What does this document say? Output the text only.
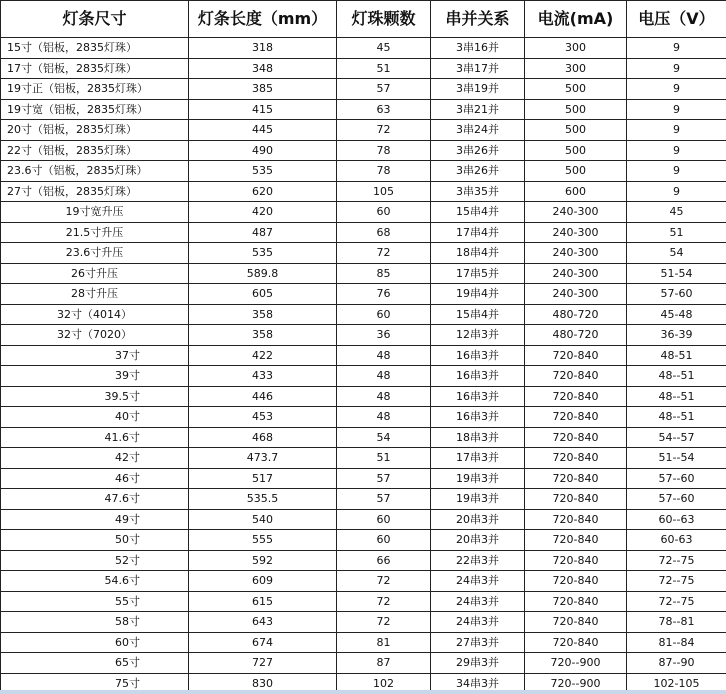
灯条尺寸	灯条长度（mm）	灯珠颗数	串并关系	电流(mA)	电压（V）
15寸（铝板，2835灯珠）	318	45	3串16并	300	9
17寸（铝板，2835灯珠）	348	51	3串17并	300	9
19寸正（铝板，2835灯珠）	385	57	3串19并	500	9
19寸宽（铝板，2835灯珠）	415	63	3串21并	500	9
20寸（铝板，2835灯珠）	445	72	3串24并	500	9
22寸（铝板，2835灯珠）	490	78	3串26并	500	9
23.6寸（铝板，2835灯珠）	535	78	3串26并	500	9
27寸（铝板，2835灯珠）	620	105	3串35并	600	9
19寸宽升压	420	60	15串4并	240-300	45
21.5寸升压	487	68	17串4并	240-300	51
23.6寸升压	535	72	18串4并	240-300	54
26寸升压	589.8	85	17串5并	240-300	51-54
28寸升压	605	76	19串4并	240-300	57-60
32寸（4014）	358	60	15串4并	480-720	45-48
32寸（7020）	358	36	12串3并	480-720	36-39
37寸	422	48	16串3并	720-840	48-51
39寸	433	48	16串3并	720-840	48--51
39.5寸	446	48	16串3并	720-840	48--51
40寸	453	48	16串3并	720-840	48--51
41.6寸	468	54	18串3并	720-840	54--57
42寸	473.7	51	17串3并	720-840	51--54
46寸	517	57	19串3并	720-840	57--60
47.6寸	535.5	57	19串3并	720-840	57--60
49寸	540	60	20串3并	720-840	60--63
50寸	555	60	20串3并	720-840	60-63
52寸	592	66	22串3并	720-840	72--75
54.6寸	609	72	24串3并	720-840	72--75
55寸	615	72	24串3并	720-840	72--75
58寸	643	72	24串3并	720-840	78--81
60寸	674	81	27串3并	720-840	81--84
65寸	727	87	29串3并	720--900	87--90
75寸	830	102	34串3并	720--900	102-105
